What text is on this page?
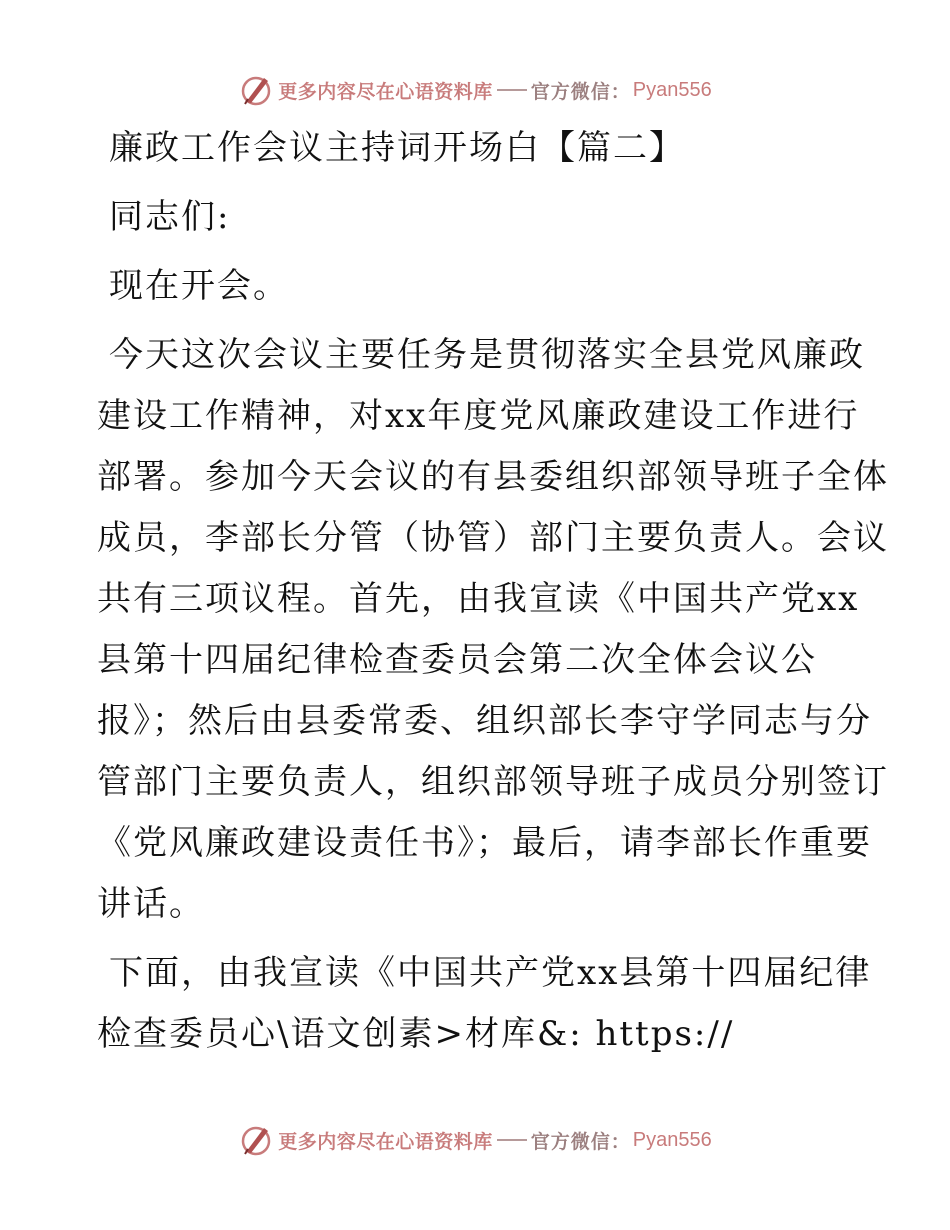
更多内容尽在心语资料库 官方微信： Pyan556
廉政工作会议主持词开场白【篇二】
同志们:
现在开会。
今天这次会议主要任务是贯彻落实全县党风廉政
建设工作精神，对xx年度党风廉政建设工作进行
部署。参加今天会议的有县委组织部领导班子全体
成员，李部长分管（协管）部门主要负责人。会议
共有三项议程。首先，由我宣读《中国共产党xx
县第十四届纪律检查委员会第二次全体会议公
报》；然后由县委常委、组织部长李守学同志与分
管部门主要负责人，组织部领导班子成员分别签订
《党风廉政建设责任书》；最后，请李部长作重要
讲话。
下面，由我宣读《中国共产党xx县第十四届纪律
检查委员心\语文创素>材库&: https://
更多内容尽在心语资料库 官方微信： Pyan556
